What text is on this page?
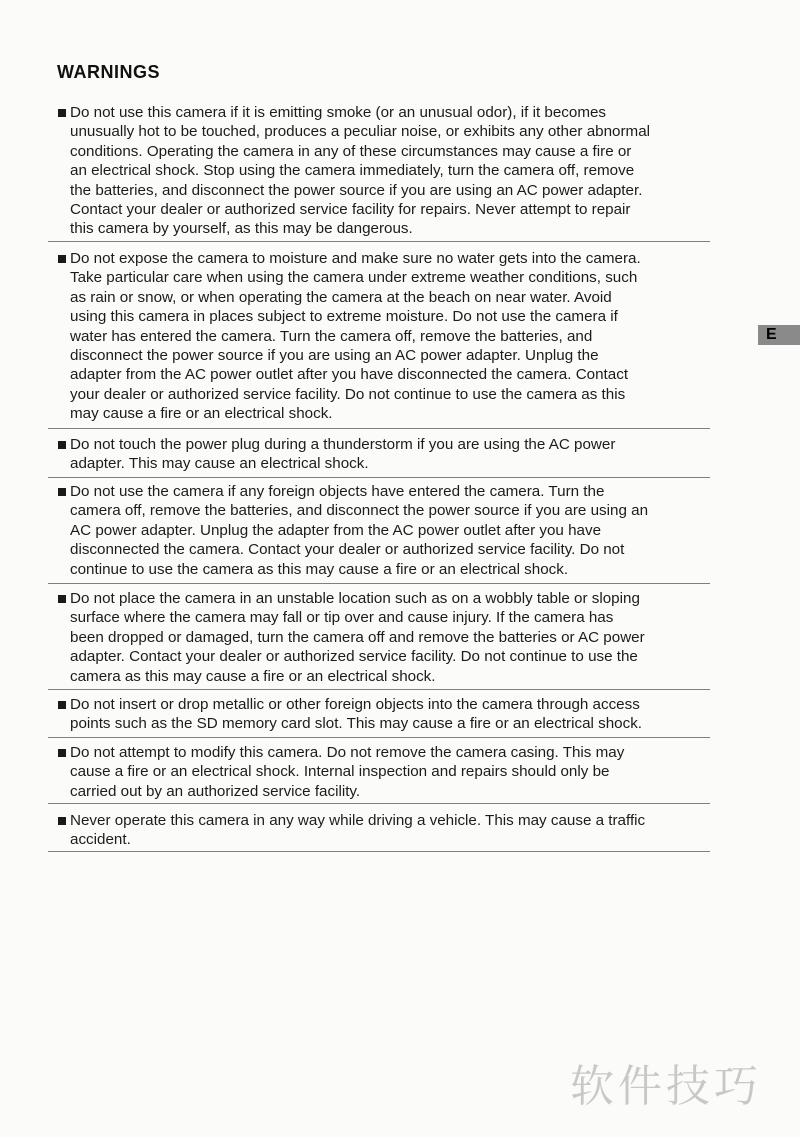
WARNINGS
E
软件技巧
Do not use this camera if it is emitting smoke (or an unusual odor), if it becomes
unusually hot to be touched, produces a peculiar noise, or exhibits any other abnormal
conditions. Operating the camera in any of these circumstances may cause a fire or
an electrical shock. Stop using the camera immediately, turn the camera off, remove
the batteries, and disconnect the power source if you are using an AC power adapter.
Contact your dealer or authorized service facility for repairs. Never attempt to repair
this camera by yourself, as this may be dangerous.
Do not expose the camera to moisture and make sure no water gets into the camera.
Take particular care when using the camera under extreme weather conditions, such
as rain or snow, or when operating the camera at the beach on near water. Avoid
using this camera in places subject to extreme moisture. Do not use the camera if
water has entered the camera. Turn the camera off, remove the batteries, and
disconnect the power source if you are using an AC power adapter. Unplug the
adapter from the AC power outlet after you have disconnected the camera. Contact
your dealer or authorized service facility. Do not continue to use the camera as this
may cause a fire or an electrical shock.
Do not touch the power plug during a thunderstorm if you are using the AC power
adapter. This may cause an electrical shock.
Do not use the camera if any foreign objects have entered the camera. Turn the
camera off, remove the batteries, and disconnect the power source if you are using an
AC power adapter. Unplug the adapter from the AC power outlet after you have
disconnected the camera. Contact your dealer or authorized service facility. Do not
continue to use the camera as this may cause a fire or an electrical shock.
Do not place the camera in an unstable location such as on a wobbly table or sloping
surface where the camera may fall or tip over and cause injury. If the camera has
been dropped or damaged, turn the camera off and remove the batteries or AC power
adapter. Contact your dealer or authorized service facility. Do not continue to use the
camera as this may cause a fire or an electrical shock.
Do not insert or drop metallic or other foreign objects into the camera through access
points such as the SD memory card slot. This may cause a fire or an electrical shock.
Do not attempt to modify this camera. Do not remove the camera casing. This may
cause a fire or an electrical shock. Internal inspection and repairs should only be
carried out by an authorized service facility.
Never operate this camera in any way while driving a vehicle. This may cause a traffic
accident.
